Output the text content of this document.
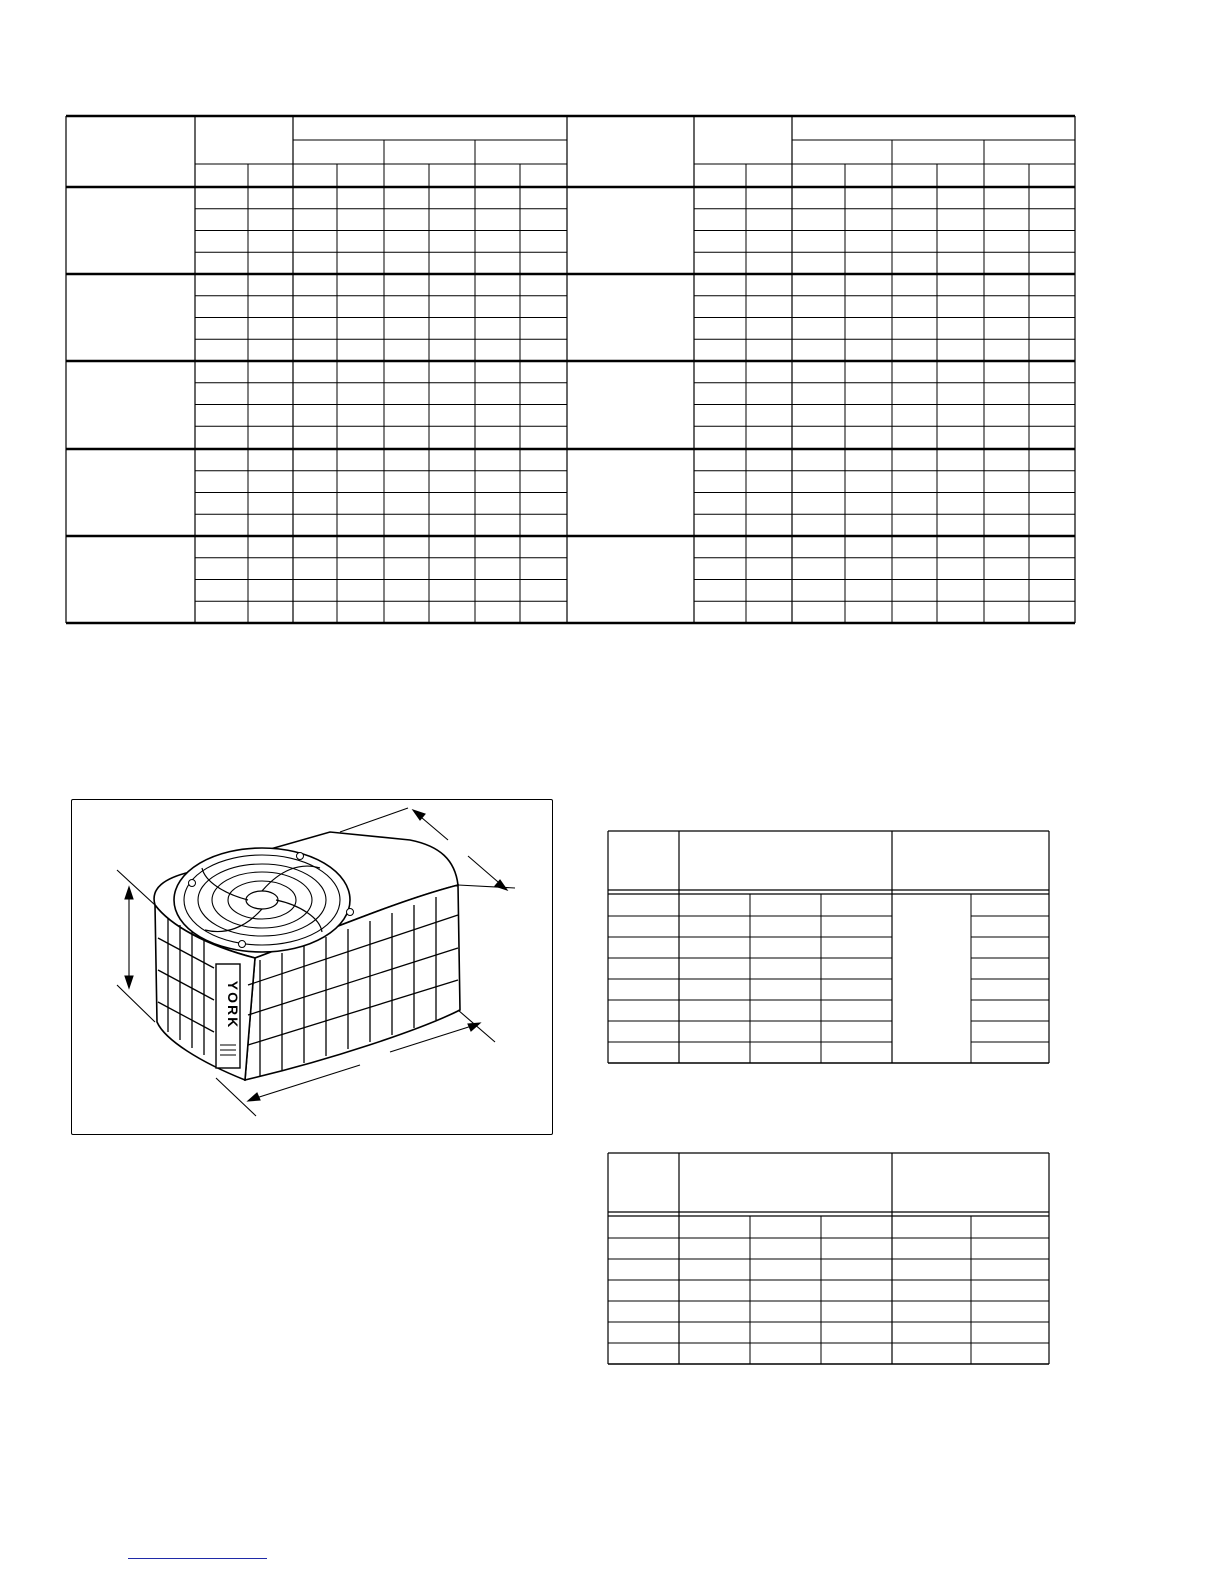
YORK
